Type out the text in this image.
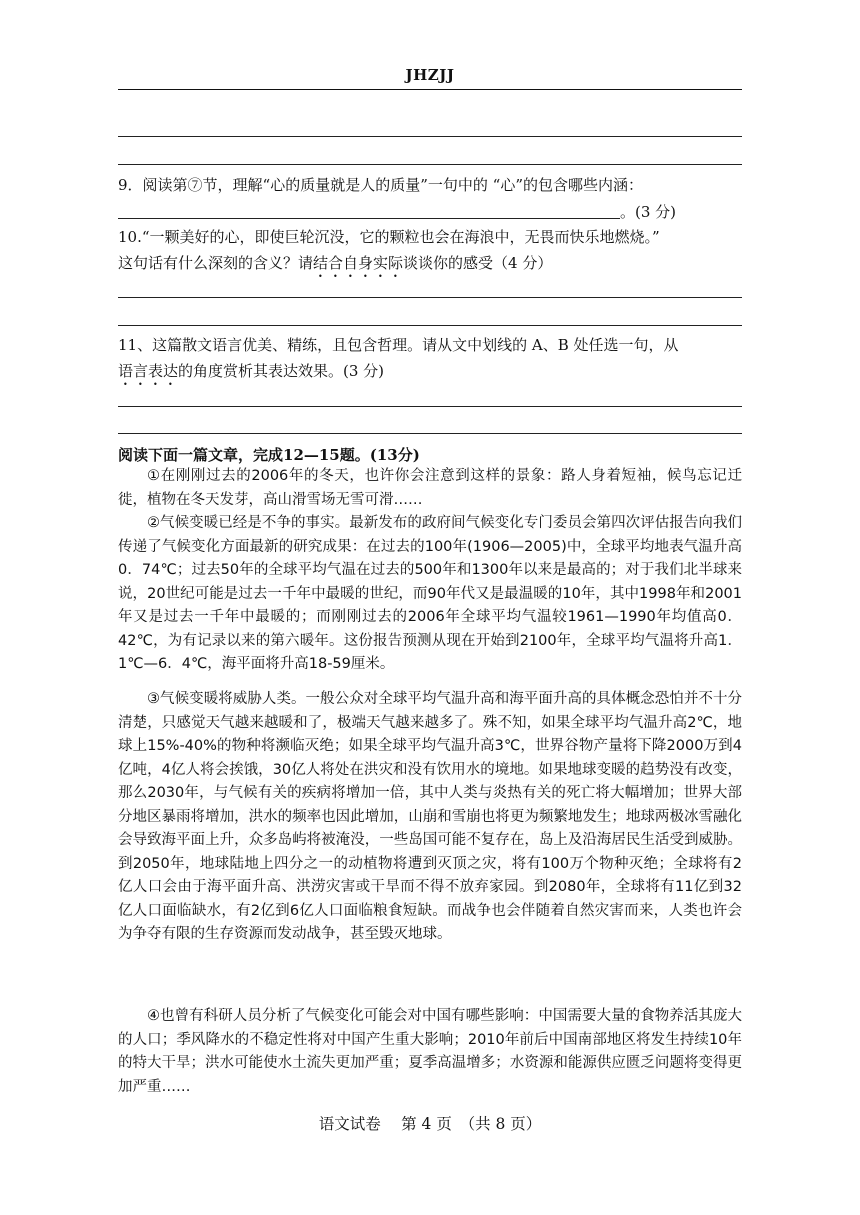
JHZJJ
9．阅读第⑦节，理解“心的质量就是人的质量”一句中的 “心”的包含哪些内涵：
。(3 分)
10.“一颗美好的心，即使巨轮沉没，它的颗粒也会在海浪中，无畏而快乐地燃烧。”
这句话有什么深刻的含义？请结合自身实际谈谈你的感受（4 分）
11、这篇散文语言优美、精练，且包含哲理。请从文中划线的 A、B 处任选一句，从
语言表达的角度赏析其表达效果。(3 分)
阅读下面一篇文章，完成12—15题。(13分)

①在刚刚过去的2006年的冬天，也许你会注意到这样的景象：路人身着短袖，候鸟忘记迁徙，植物在冬天发芽，高山滑雪场无雪可滑……

②气候变暖已经是不争的事实。最新发布的政府间气候变化专门委员会第四次评估报告向我们传递了气候变化方面最新的研究成果：在过去的100年(1906—2005)中，全球平均地表气温升高0．74℃；过去50年的全球平均气温在过去的500年和1300年以来是最高的；对于我们北半球来说，20世纪可能是过去一千年中最暖的世纪，而90年代又是最温暖的10年，其中1998年和2001年又是过去一千年中最暖的；而刚刚过去的2006年全球平均气温较1961—1990年均值高0．42℃，为有记录以来的第六暖年。这份报告预测从现在开始到2100年，全球平均气温将升高1．1℃—6．4℃，海平面将升高18-59厘米。

③气候变暖将威胁人类。一般公众对全球平均气温升高和海平面升高的具体概念恐怕并不十分清楚，只感觉天气越来越暖和了，极端天气越来越多了。殊不知，如果全球平均气温升高2℃，地球上15%-40%的物种将濒临灭绝；如果全球平均气温升高3℃，世界谷物产量将下降2000万到4亿吨，4亿人将会挨饿，30亿人将处在洪灾和没有饮用水的境地。如果地球变暖的趋势没有改变，那么2030年，与气候有关的疾病将增加一倍，其中人类与炎热有关的死亡将大幅增加；世界大部分地区暴雨将增加，洪水的频率也因此增加，山崩和雪崩也将更为频繁地发生；地球两极冰雪融化会导致海平面上升，众多岛屿将被淹没，一些岛国可能不复存在，岛上及沿海居民生活受到威胁。到2050年，地球陆地上四分之一的动植物将遭到灭顶之灾，将有100万个物种灭绝；全球将有2亿人口会由于海平面升高、洪涝灾害或干旱而不得不放弃家园。到2080年，全球将有11亿到32亿人口面临缺水，有2亿到6亿人口面临粮食短缺。而战争也会伴随着自然灾害而来，人类也许会为争夺有限的生存资源而发动战争，甚至毁灭地球。

④也曾有科研人员分析了气候变化可能会对中国有哪些影响：中国需要大量的食物养活其庞大的人口；季风降水的不稳定性将对中国产生重大影响；2010年前后中国南部地区将发生持续10年的特大干旱；洪水可能使水土流失更加严重；夏季高温增多；水资源和能源供应匮乏问题将变得更加严重……

语文试卷　 第 4 页　（共 8 页）
